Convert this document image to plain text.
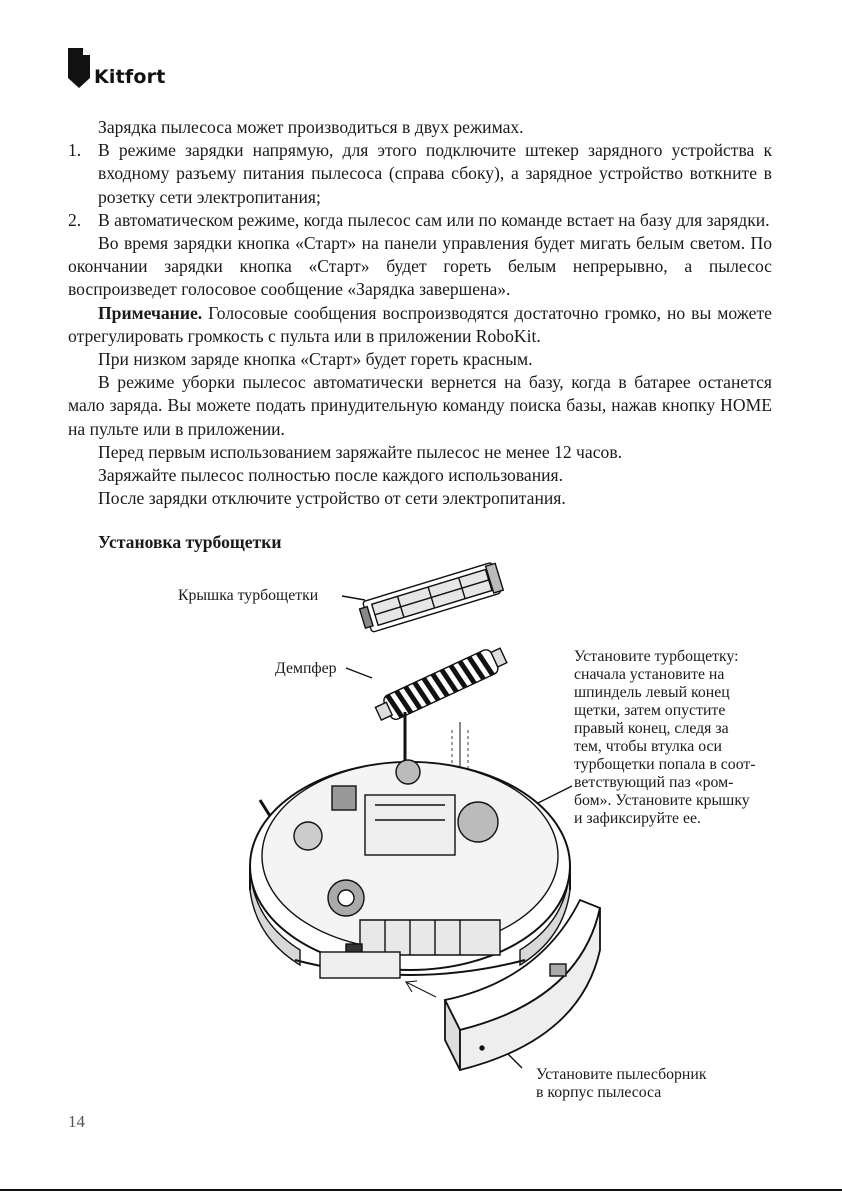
Kitfort

Зарядка пылесоса может производиться в двух режимах.

1. В режиме зарядки напрямую, для этого подключите штекер зарядного устройства к входному разъему питания пылесоса (справа сбоку), а зарядное устройство воткните в розетку сети электропитания;
2. В автоматическом режиме, когда пылесос сам или по команде встает на базу для зарядки.

Во время зарядки кнопка «Старт» на панели управления будет мигать белым светом. По окончании зарядки кнопка «Старт» будет гореть белым непрерывно, а пылесос воспроизведет голосовое сообщение «Зарядка завершена».

Примечание. Голосовые сообщения воспроизводятся достаточно громко, но вы можете отрегулировать громкость с пульта или в приложении RoboKit.

При низком заряде кнопка «Старт» будет гореть красным.

В режиме уборки пылесос автоматически вернется на базу, когда в батарее останется мало заряда. Вы можете подать принудительную команду поиска базы, нажав кнопку HOME на пульте или в приложении.

Перед первым использованием заряжайте пылесос не менее 12 часов.

Заряжайте пылесос полностью после каждого использования.

После зарядки отключите устройство от сети электропитания.

Установка турбощетки
Крышка турбощетки
Демпфер
Установите турбощетку:
сначала установите на
шпиндель левый конец
щетки, затем опустите
правый конец, следя за
тем, чтобы втулка оси
турбощетки попала в соот-
ветствующий паз «ром-
бом». Установите крышку
и зафиксируйте ее.
Установите пылесборник
в корпус пылесоса
14
